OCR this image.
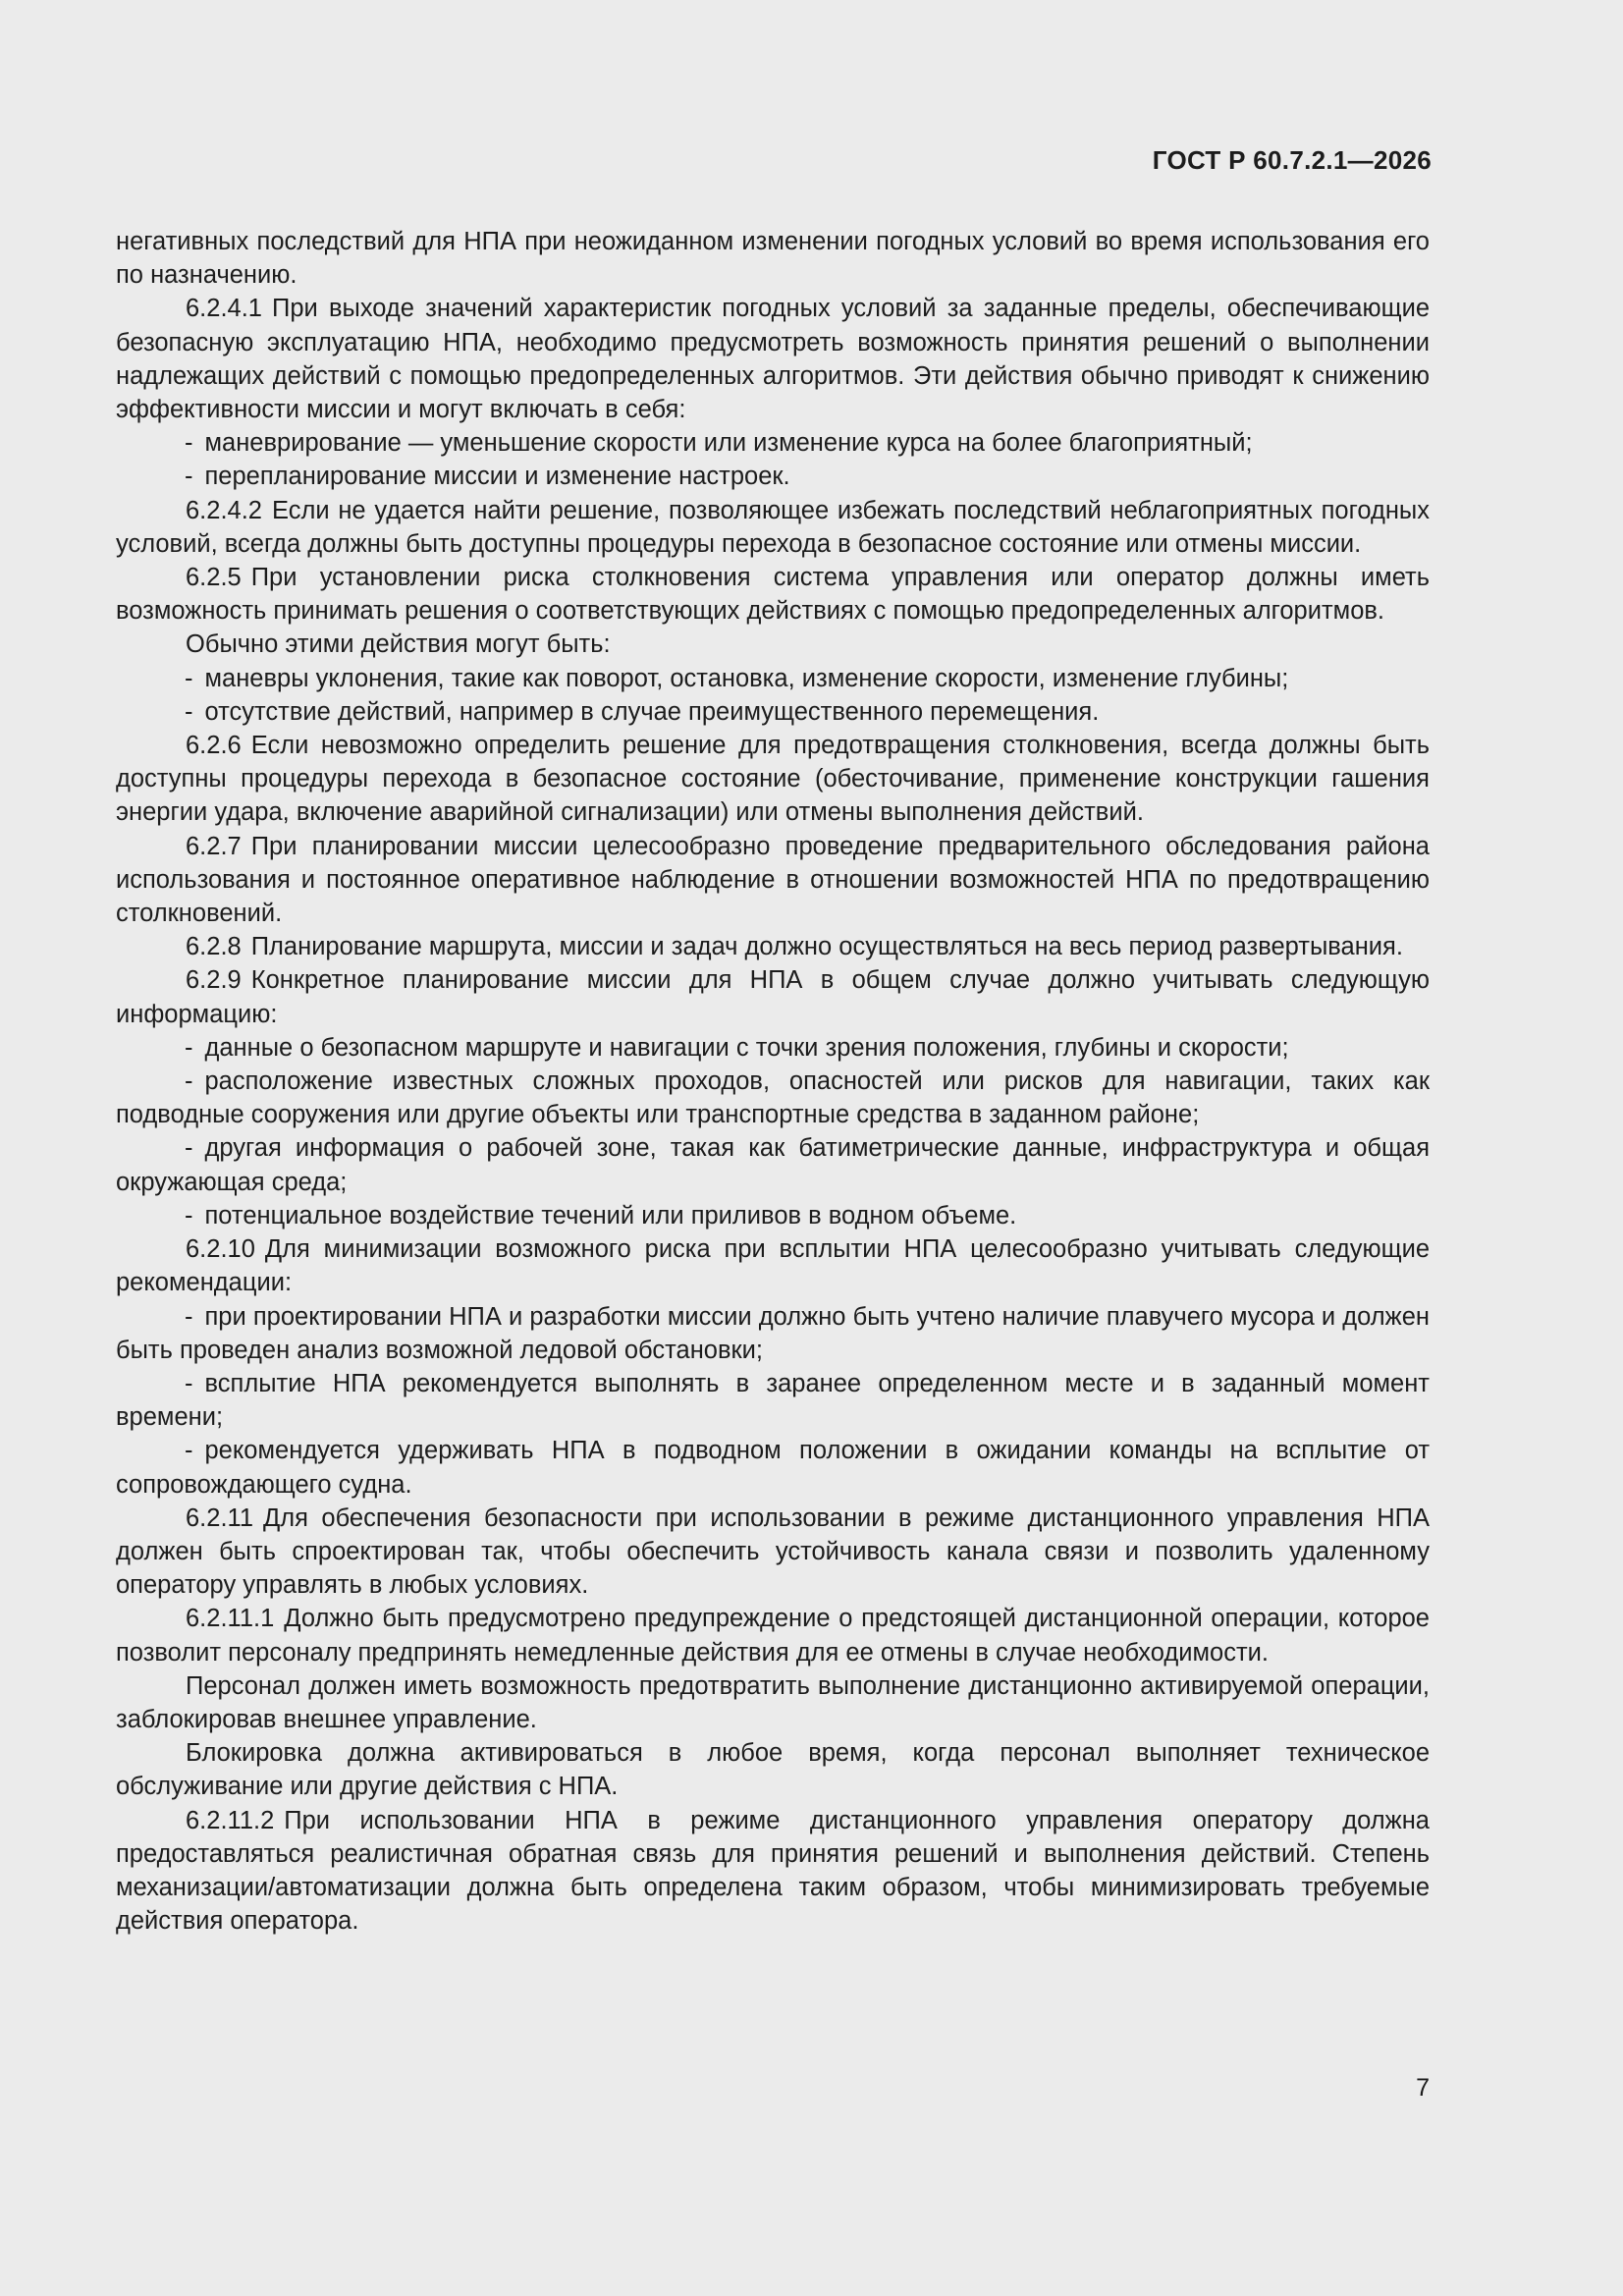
ГОСТ Р 60.7.2.1—2026

негативных последствий для НПА при неожиданном изменении погодных условий во время использования его по назначению.

6.2.4.1 При выходе значений характеристик погодных условий за заданные пределы, обеспечивающие безопасную эксплуатацию НПА, необходимо предусмотреть возможность принятия решений о выполнении надлежащих действий с помощью предопределенных алгоритмов. Эти действия обычно приводят к снижению эффективности миссии и могут включать в себя:

- маневрирование — уменьшение скорости или изменение курса на более благоприятный;

- перепланирование миссии и изменение настроек.

6.2.4.2 Если не удается найти решение, позволяющее избежать последствий неблагоприятных погодных условий, всегда должны быть доступны процедуры перехода в безопасное состояние или отмены миссии.

6.2.5 При установлении риска столкновения система управления или оператор должны иметь возможность принимать решения о соответствующих действиях с помощью предопределенных алгоритмов.

Обычно этими действия могут быть:

- маневры уклонения, такие как поворот, остановка, изменение скорости, изменение глубины;

- отсутствие действий, например в случае преимущественного перемещения.

6.2.6 Если невозможно определить решение для предотвращения столкновения, всегда должны быть доступны процедуры перехода в безопасное состояние (обесточивание, применение конструкции гашения энергии удара, включение аварийной сигнализации) или отмены выполнения действий.

6.2.7 При планировании миссии целесообразно проведение предварительного обследования района использования и постоянное оперативное наблюдение в отношении возможностей НПА по предотвращению столкновений.

6.2.8 Планирование маршрута, миссии и задач должно осуществляться на весь период развертывания.

6.2.9 Конкретное планирование миссии для НПА в общем случае должно учитывать следующую информацию:

- данные о безопасном маршруте и навигации с точки зрения положения, глубины и скорости;

- расположение известных сложных проходов, опасностей или рисков для навигации, таких как подводные сооружения или другие объекты или транспортные средства в заданном районе;

- другая информация о рабочей зоне, такая как батиметрические данные, инфраструктура и общая окружающая среда;

- потенциальное воздействие течений или приливов в водном объеме.

6.2.10 Для минимизации возможного риска при всплытии НПА целесообразно учитывать следующие рекомендации:

- при проектировании НПА и разработки миссии должно быть учтено наличие плавучего мусора и должен быть проведен анализ возможной ледовой обстановки;

- всплытие НПА рекомендуется выполнять в заранее определенном месте и в заданный момент времени;

- рекомендуется удерживать НПА в подводном положении в ожидании команды на всплытие от сопровождающего судна.

6.2.11 Для обеспечения безопасности при использовании в режиме дистанционного управления НПА должен быть спроектирован так, чтобы обеспечить устойчивость канала связи и позволить удаленному оператору управлять в любых условиях.

6.2.11.1 Должно быть предусмотрено предупреждение о предстоящей дистанционной операции, которое позволит персоналу предпринять немедленные действия для ее отмены в случае необходимости.

Персонал должен иметь возможность предотвратить выполнение дистанционно активируемой операции, заблокировав внешнее управление.

Блокировка должна активироваться в любое время, когда персонал выполняет техническое обслуживание или другие действия с НПА.

6.2.11.2 При использовании НПА в режиме дистанционного управления оператору должна предоставляться реалистичная обратная связь для принятия решений и выполнения действий. Степень механизации/автоматизации должна быть определена таким образом, чтобы минимизировать требуемые действия оператора.

7
